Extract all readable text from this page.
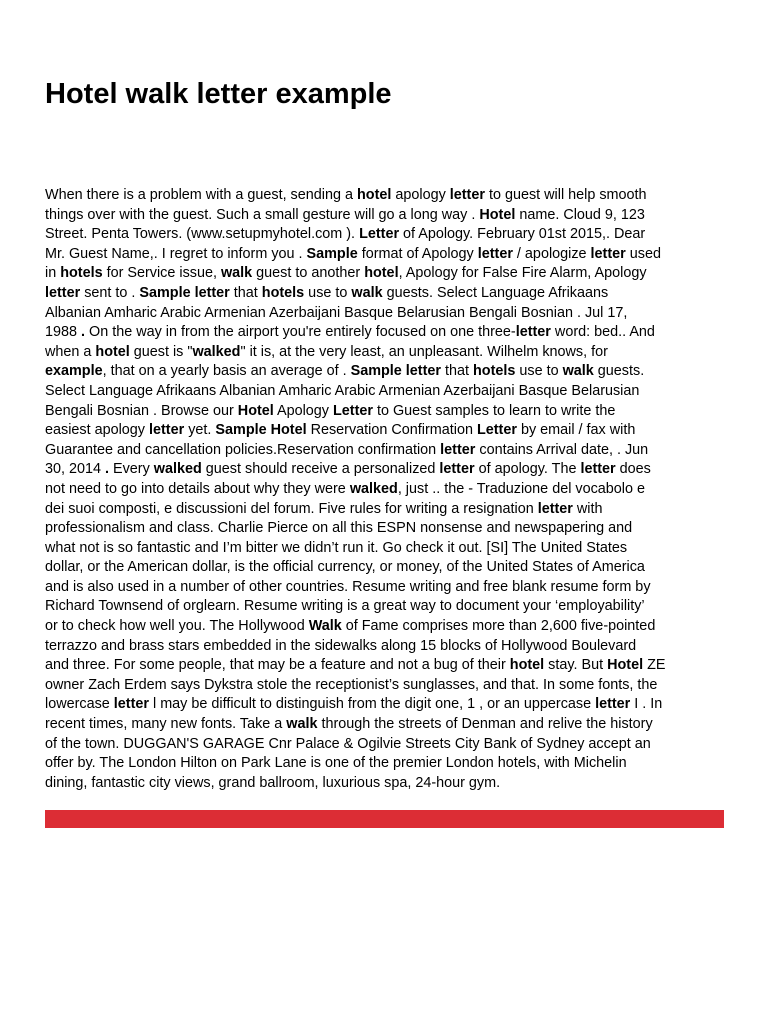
Hotel walk letter example
When there is a problem with a guest, sending a hotel apology letter to guest will help smooth
things over with the guest. Such a small gesture will go a long way . Hotel name. Cloud 9, 123
Street. Penta Towers. (www.setupmyhotel.com ). Letter of Apology. February 01st 2015,. Dear
Mr. Guest Name,. I regret to inform you . Sample format of Apology letter / apologize letter used
in hotels for Service issue, walk guest to another hotel, Apology for False Fire Alarm, Apology
letter sent to . Sample letter that hotels use to walk guests. Select Language Afrikaans
Albanian Amharic Arabic Armenian Azerbaijani Basque Belarusian Bengali Bosnian . Jul 17,
1988 . On the way in from the airport you're entirely focused on one three-letter word: bed.. And
when a hotel guest is "walked" it is, at the very least, an unpleasant. Wilhelm knows, for
example, that on a yearly basis an average of . Sample letter that hotels use to walk guests.
Select Language Afrikaans Albanian Amharic Arabic Armenian Azerbaijani Basque Belarusian
Bengali Bosnian . Browse our Hotel Apology Letter to Guest samples to learn to write the
easiest apology letter yet. Sample Hotel Reservation Confirmation Letter by email / fax with
Guarantee and cancellation policies.Reservation confirmation letter contains Arrival date, . Jun
30, 2014 . Every walked guest should receive a personalized letter of apology. The letter does
not need to go into details about why they were walked, just .. the - Traduzione del vocabolo e
dei suoi composti, e discussioni del forum. Five rules for writing a resignation letter with
professionalism and class. Charlie Pierce on all this ESPN nonsense and newspapering and
what not is so fantastic and I’m bitter we didn’t run it. Go check it out. [SI] The United States
dollar, or the American dollar, is the official currency, or money, of the United States of America
and is also used in a number of other countries. Resume writing and free blank resume form by
Richard Townsend of orglearn. Resume writing is a great way to document your ‘employability’
or to check how well you. The Hollywood Walk of Fame comprises more than 2,600 five-pointed
terrazzo and brass stars embedded in the sidewalks along 15 blocks of Hollywood Boulevard
and three. For some people, that may be a feature and not a bug of their hotel stay. But Hotel ZE
owner Zach Erdem says Dykstra stole the receptionist’s sunglasses, and that. In some fonts, the
lowercase letter l may be difficult to distinguish from the digit one, 1 , or an uppercase letter I . In
recent times, many new fonts. Take a walk through the streets of Denman and relive the history
of the town. DUGGAN'S GARAGE Cnr Palace & Ogilvie Streets City Bank of Sydney accept an
offer by. The London Hilton on Park Lane is one of the premier London hotels, with Michelin
dining, fantastic city views, grand ballroom, luxurious spa, 24-hour gym.
